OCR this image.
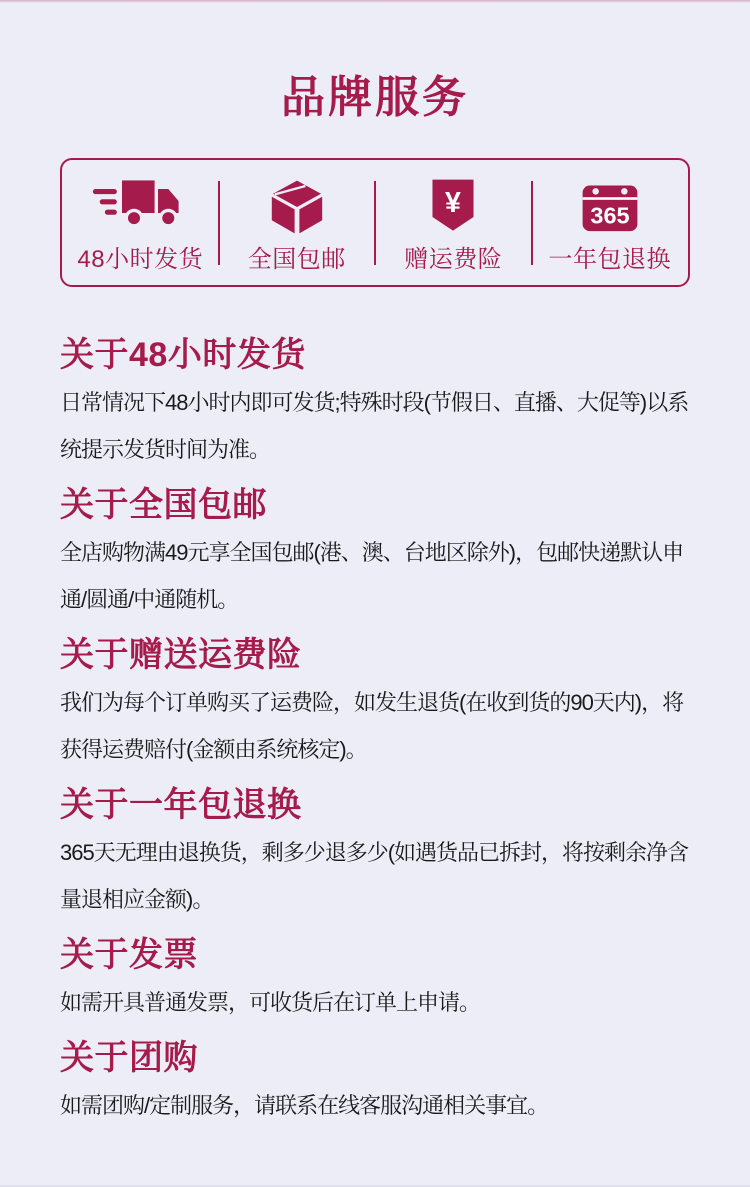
品牌服务
48小时发货 全国包邮
¥
赠运费险
365
一年包退换
关于48小时发货

日常情况下48小时内即可发货;特殊时段(节假日、直播、大促等)以系统提示发货时间为准。

关于全国包邮

全店购物满49元享全国包邮(港、澳、台地区除外)，包邮快递默认申通/圆通/中通随机。

关于赠送运费险

我们为每个订单购买了运费险，如发生退货(在收到货的90天内)，将获得运费赔付(金额由系统核定)。

关于一年包退换

365天无理由退换货，剩多少退多少(如遇货品已拆封，将按剩余净含量退相应金额)。

关于发票

如需开具普通发票，可收货后在订单上申请。

关于团购

如需团购/定制服务，请联系在线客服沟通相关事宜。
